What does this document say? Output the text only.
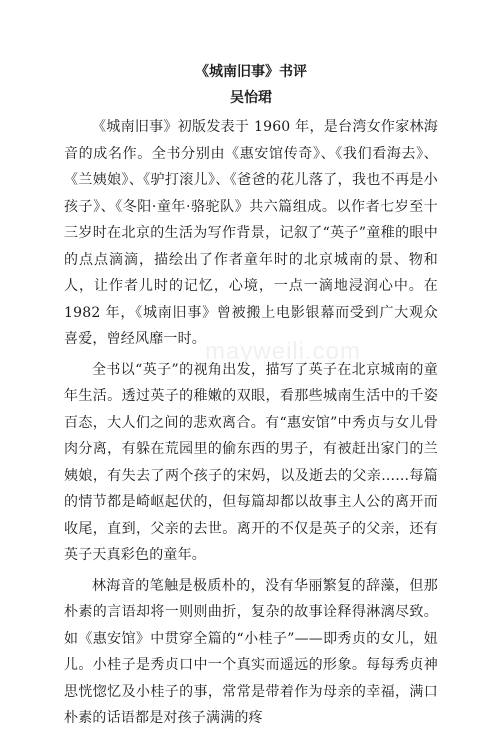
《城南旧事》书评
吴怡珺

《城南旧事》初版发表于 1960 年，是台湾女作家林海音的成名作。全书分别由《惠安馆传奇》、《我们看海去》、《兰姨娘》、《驴打滚儿》、《爸爸的花儿落了，我也不再是小孩子》、《冬阳·童年·骆驼队》共六篇组成。以作者七岁至十三岁时在北京的生活为写作背景，记叙了“英子”童稚的眼中的点点滴滴，描绘出了作者童年时的北京城南的景、物和人，让作者儿时的记忆，心境，一点一滴地浸润心中。在 1982 年，《城南旧事》曾被搬上电影银幕而受到广大观众喜爱，曾经风靡一时。

全书以“英子”的视角出发，描写了英子在北京城南的童年生活。透过英子的稚嫩的双眼，看那些城南生活中的千姿百态，大人们之间的悲欢离合。有“惠安馆”中秀贞与女儿骨肉分离，有躲在荒园里的偷东西的男子，有被赶出家门的兰姨娘，有失去了两个孩子的宋妈，以及逝去的父亲......每篇的情节都是崎岖起伏的，但每篇却都以故事主人公的离开而收尾，直到，父亲的去世。离开的不仅是英子的父亲，还有英子天真彩色的童年。

林海音的笔触是极质朴的，没有华丽繁复的辞藻，但那朴素的言语却将一则则曲折，复杂的故事诠释得淋漓尽致。如《惠安馆》中贯穿全篇的“小桂子”——即秀贞的女儿，妞儿。小桂子是秀贞口中一个真实而遥远的形象。每每秀贞神思恍惚忆及小桂子的事，常常是带着作为母亲的幸福，满口朴素的话语都是对孩子满满的疼

mayweili.com
